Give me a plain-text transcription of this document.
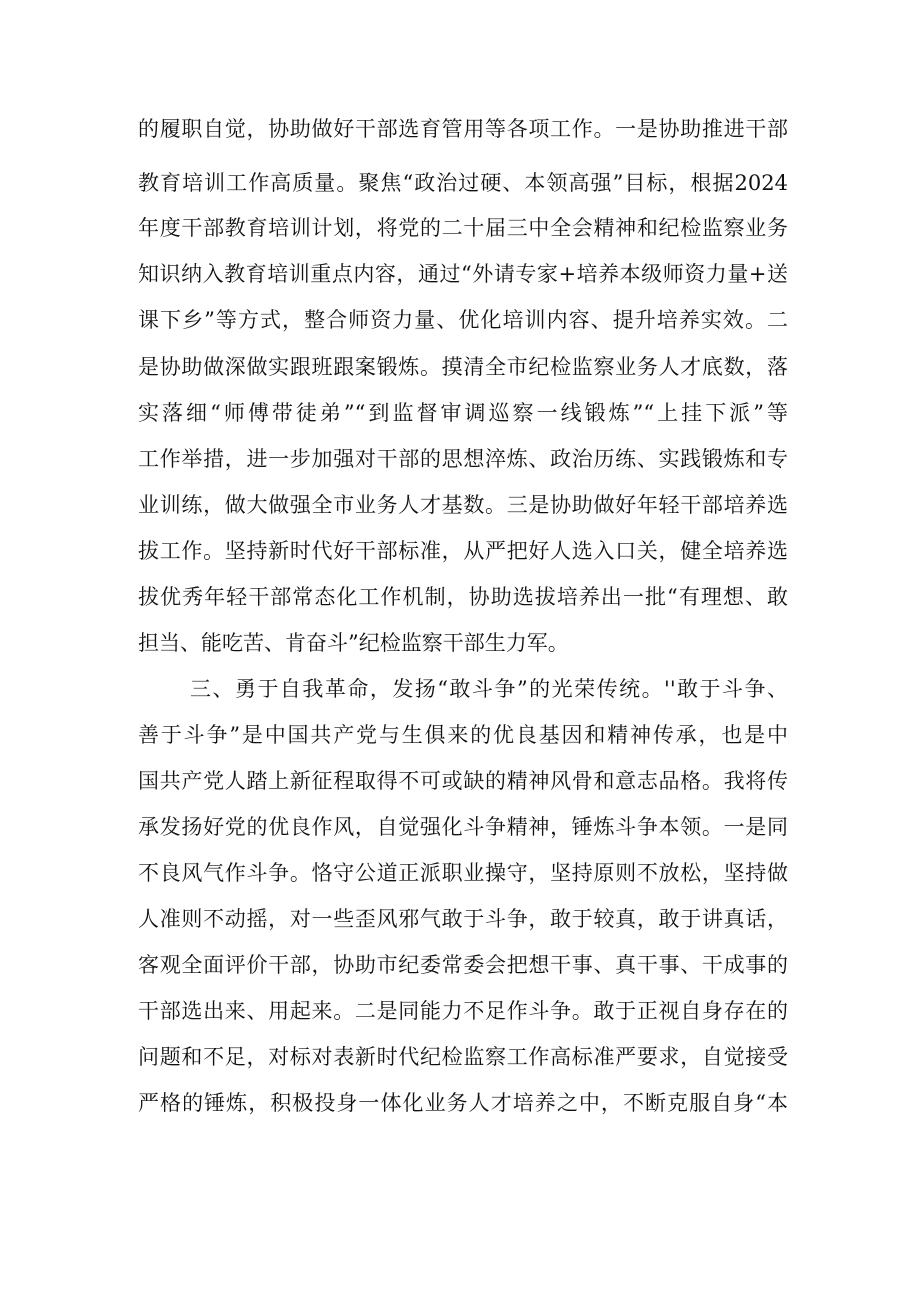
的履职自觉，协助做好干部选育管用等各项工作。一是协助推进干部
教育培训工作高质量。聚焦“政治过硬、本领高强”目标，根据2024
年度干部教育培训计划，将党的二十届三中全会精神和纪检监察业务
知识纳入教育培训重点内容，通过“外请专家+培养本级师资力量+送
课下乡”等方式，整合师资力量、优化培训内容、提升培养实效。二
是协助做深做实跟班跟案锻炼。摸清全市纪检监察业务人才底数，落
实落细“师傅带徒弟”“到监督审调巡察一线锻炼”“上挂下派”等
工作举措，进一步加强对干部的思想淬炼、政治历练、实践锻炼和专
业训练，做大做强全市业务人才基数。三是协助做好年轻干部培养选
拔工作。坚持新时代好干部标准，从严把好人选入口关，健全培养选
拔优秀年轻干部常态化工作机制，协助选拔培养出一批“有理想、敢
担当、能吃苦、肯奋斗”纪检监察干部生力军。
三、勇于自我革命，发扬“敢斗争”的光荣传统。''敢于斗争、
善于斗争”是中国共产党与生俱来的优良基因和精神传承，也是中
国共产党人踏上新征程取得不可或缺的精神风骨和意志品格。我将传
承发扬好党的优良作风，自觉强化斗争精神，锤炼斗争本领。一是同
不良风气作斗争。恪守公道正派职业操守，坚持原则不放松，坚持做
人准则不动摇，对一些歪风邪气敢于斗争，敢于较真，敢于讲真话，
客观全面评价干部，协助市纪委常委会把想干事、真干事、干成事的
干部选出来、用起来。二是同能力不足作斗争。敢于正视自身存在的
问题和不足，对标对表新时代纪检监察工作高标准严要求，自觉接受
严格的锤炼，积极投身一体化业务人才培养之中，不断克服自身“本
